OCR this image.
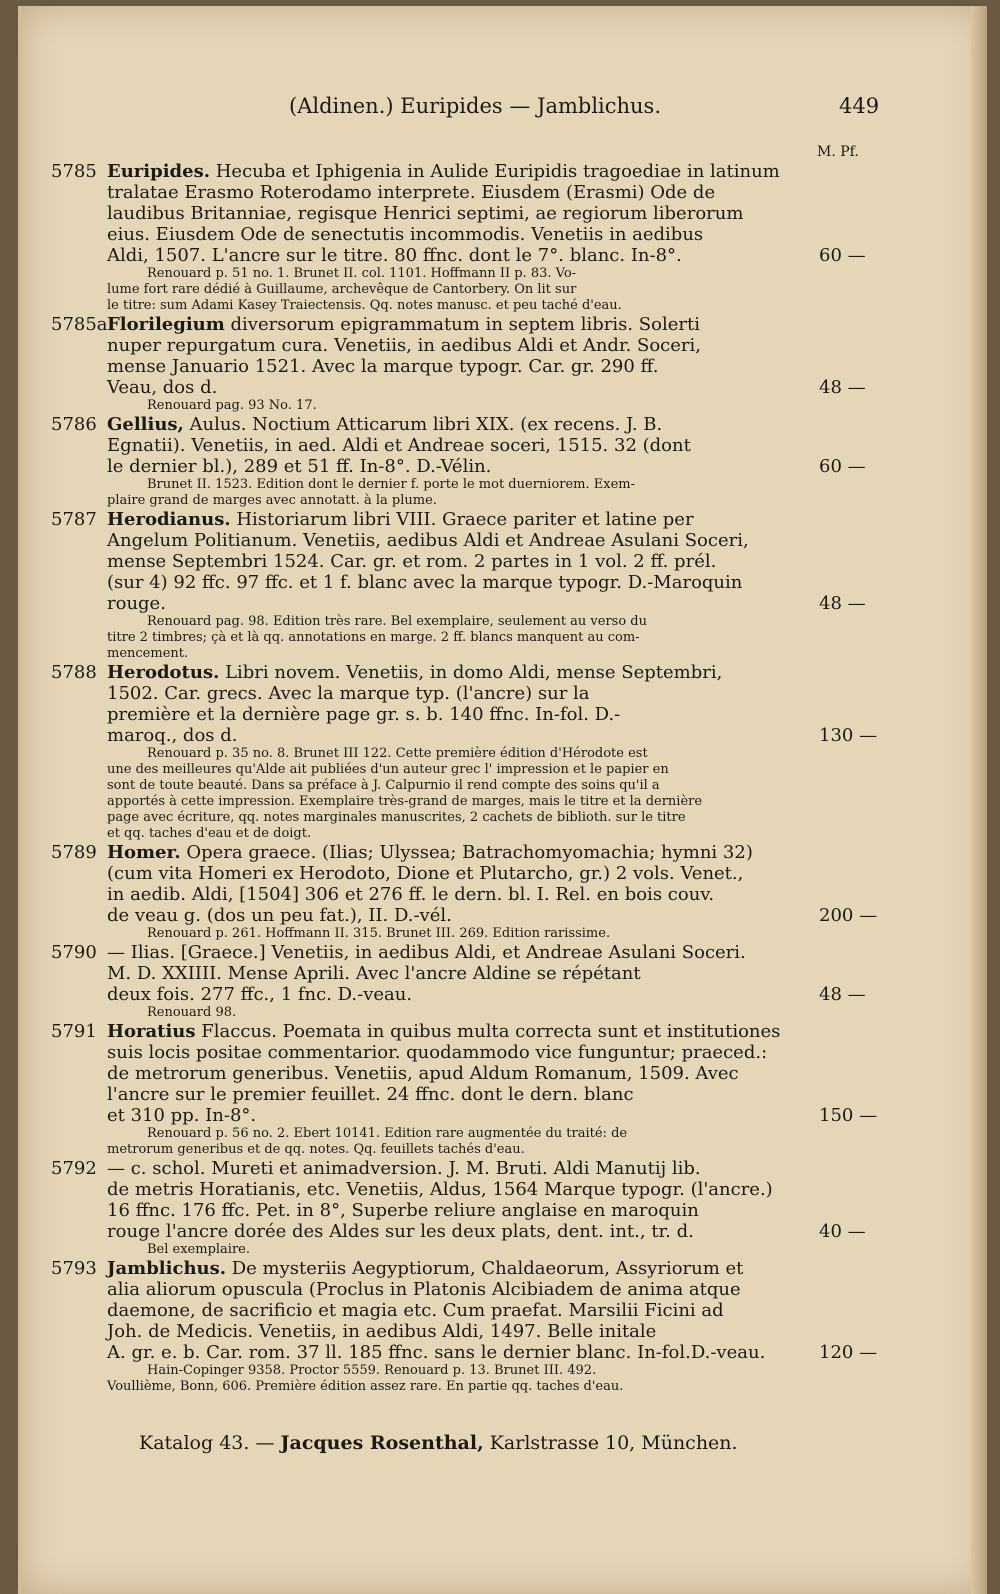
(Aldinen.) Euripides — Jamblichus.	449
M. Pf.
5785 Euripides. Hecuba et Iphigenia in Aulide Euripidis tragoediae in latinum
tralatae Erasmo Roterodamo interprete. Eiusdem (Erasmi) Ode de
laudibus Britanniae, regisque Henrici septimi, ae regiorum liberorum
eius. Eiusdem Ode de senectutis incommodis. Venetiis in aedibus
Aldi, 1507. L'ancre sur le titre. 80 ffnc. dont le 7°. blanc. In-8°.	60 —
Renouard p. 51 no. 1. Brunet II. col. 1101. Hoffmann II p. 83. Vo-
lume fort rare dédié à Guillaume, archevêque de Cantorbery. On lit sur
le titre: sum Adami Kasey Traiectensis. Qq. notes manusc. et peu taché d'eau.
5785a Florilegium diversorum epigrammatum in septem libris. Solerti
nuper repurgatum cura. Venetiis, in aedibus Aldi et Andr. Soceri,
mense Januario 1521. Avec la marque typogr. Car. gr. 290 ff.
Veau, dos d.	48 —
Renouard pag. 93 No. 17.
5786 Gellius, Aulus. Noctium Atticarum libri XIX. (ex recens. J. B.
Egnatii). Venetiis, in aed. Aldi et Andreae soceri, 1515. 32 (dont
le dernier bl.), 289 et 51 ff. In-8°. D.-Vélin.	60 —
Brunet II. 1523. Edition dont le dernier f. porte le mot duerniorem. Exem-
plaire grand de marges avec annotatt. à la plume.
5787 Herodianus. Historiarum libri VIII. Graece pariter et latine per
Angelum Politianum. Venetiis, aedibus Aldi et Andreae Asulani Soceri,
mense Septembri 1524. Car. gr. et rom. 2 partes in 1 vol. 2 ff. prél.
(sur 4) 92 ffc. 97 ffc. et 1 f. blanc avec la marque typogr. D.-Maroquin
rouge.	48 —
Renouard pag. 98. Edition très rare. Bel exemplaire, seulement au verso du
titre 2 timbres; çà et là qq. annotations en marge. 2 ff. blancs manquent au com-
mencement.
5788 Herodotus. Libri novem. Venetiis, in domo Aldi, mense Septembri,
1502. Car. grecs. Avec la marque typ. (l'ancre) sur la
première et la dernière page gr. s. b. 140 ffnc. In-fol. D.-
maroq., dos d.	130 —
Renouard p. 35 no. 8. Brunet III 122. Cette première édition d'Hérodote est
une des meilleures qu'Alde ait publiées d'un auteur grec l' impression et le papier en
sont de toute beauté. Dans sa préface à J. Calpurnio il rend compte des soins qu'il a
apportés à cette impression. Exemplaire très-grand de marges, mais le titre et la dernière
page avec écriture, qq. notes marginales manuscrites, 2 cachets de biblioth. sur le titre
et qq. taches d'eau et de doigt.
5789 Homer. Opera graece. (Ilias; Ulyssea; Batrachomyomachia; hymni 32)
(cum vita Homeri ex Herodoto, Dione et Plutarcho, gr.) 2 vols. Venet.,
in aedib. Aldi, [1504] 306 et 276 ff. le dern. bl. I. Rel. en bois couv.
de veau g. (dos un peu fat.), II. D.-vél.	200 —
Renouard p. 261. Hoffmann II. 315. Brunet III. 269. Edition rarissime.
5790 — Ilias. [Graece.] Venetiis, in aedibus Aldi, et Andreae Asulani Soceri.
M. D. XXIIII. Mense Aprili. Avec l'ancre Aldine se répétant
deux fois. 277 ffc., 1 fnc. D.-veau.	48 —
Renouard 98.
5791 Horatius Flaccus. Poemata in quibus multa correcta sunt et institutiones
suis locis positae commentarior. quodammodo vice funguntur; praeced.:
de metrorum generibus. Venetiis, apud Aldum Romanum, 1509. Avec
l'ancre sur le premier feuillet. 24 ffnc. dont le dern. blanc
et 310 pp. In-8°.	150 —
Renouard p. 56 no. 2. Ebert 10141. Edition rare augmentée du traité: de
metrorum generibus et de qq. notes. Qq. feuillets tachés d'eau.
5792 — c. schol. Mureti et animadversion. J. M. Bruti. Aldi Manutij lib.
de metris Horatianis, etc. Venetiis, Aldus, 1564 Marque typogr. (l'ancre.)
16 ffnc. 176 ffc. Pet. in 8°, Superbe reliure anglaise en maroquin
rouge l'ancre dorée des Aldes sur les deux plats, dent. int., tr. d.	40 —
Bel exemplaire.
5793 Jamblichus. De mysteriis Aegyptiorum, Chaldaeorum, Assyriorum et
alia aliorum opuscula (Proclus in Platonis Alcibiadem de anima atque
daemone, de sacrificio et magia etc. Cum praefat. Marsilii Ficini ad
Joh. de Medicis. Venetiis, in aedibus Aldi, 1497. Belle initale
A. gr. e. b. Car. rom. 37 ll. 185 ffnc. sans le dernier blanc. In-fol.D.-veau.	120 —
Hain-Copinger 9358. Proctor 5559. Renouard p. 13. Brunet III. 492.
Voullième, Bonn, 606. Première édition assez rare. En partie qq. taches d'eau.
Katalog 43. — Jacques Rosenthal, Karlstrasse 10, München.
